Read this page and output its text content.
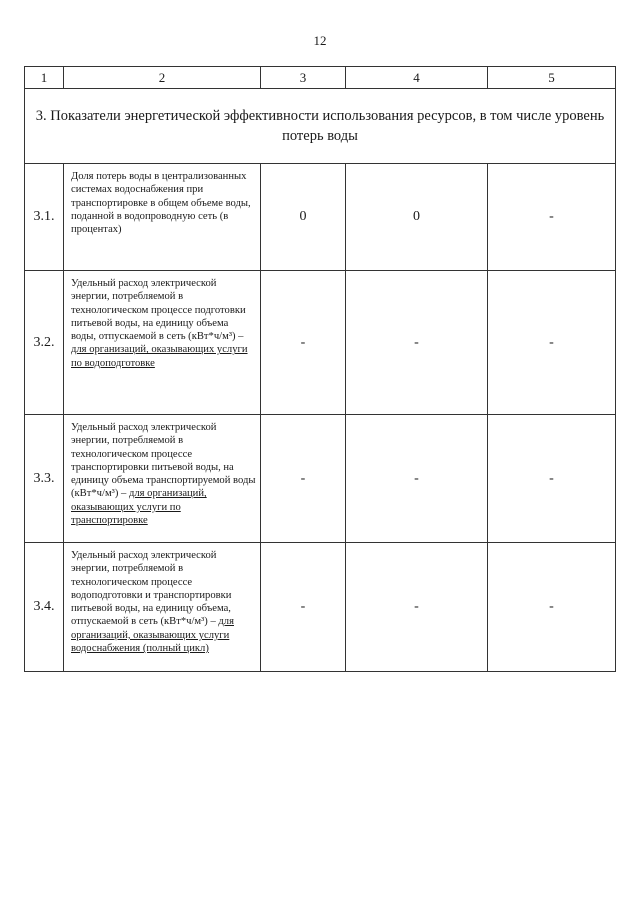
12
1	2	3	4	5
3. Показатели энергетической эффективности использования ресурсов, в том числе уровень потерь воды				
3.1.	Доля потерь воды в централизованных системах водоснабжения при транспортировке в общем объеме воды, поданной в водопроводную сеть (в процентах)	0	0	-
3.2.	Удельный расход электрической энергии, потребляемой в технологическом процессе подготовки питьевой воды, на единицу объема воды, отпускаемой в сеть (кВт*ч/м³) – для организаций, оказывающих услуги по водоподготовке	-	-	-
3.3.	Удельный расход электрической энергии, потребляемой в технологическом процессе транспортировки питьевой воды, на единицу объема транспортируемой воды (кВт*ч/м³) – для организаций, оказывающих услуги по транспортировке	-	-	-
3.4.	Удельный расход электрической энергии, потребляемой в технологическом процессе водоподготовки и транспортировки питьевой воды, на единицу объема, отпускаемой в сеть (кВт*ч/м³) – для организаций, оказывающих услуги водоснабжения (полный цикл)	-	-	-
